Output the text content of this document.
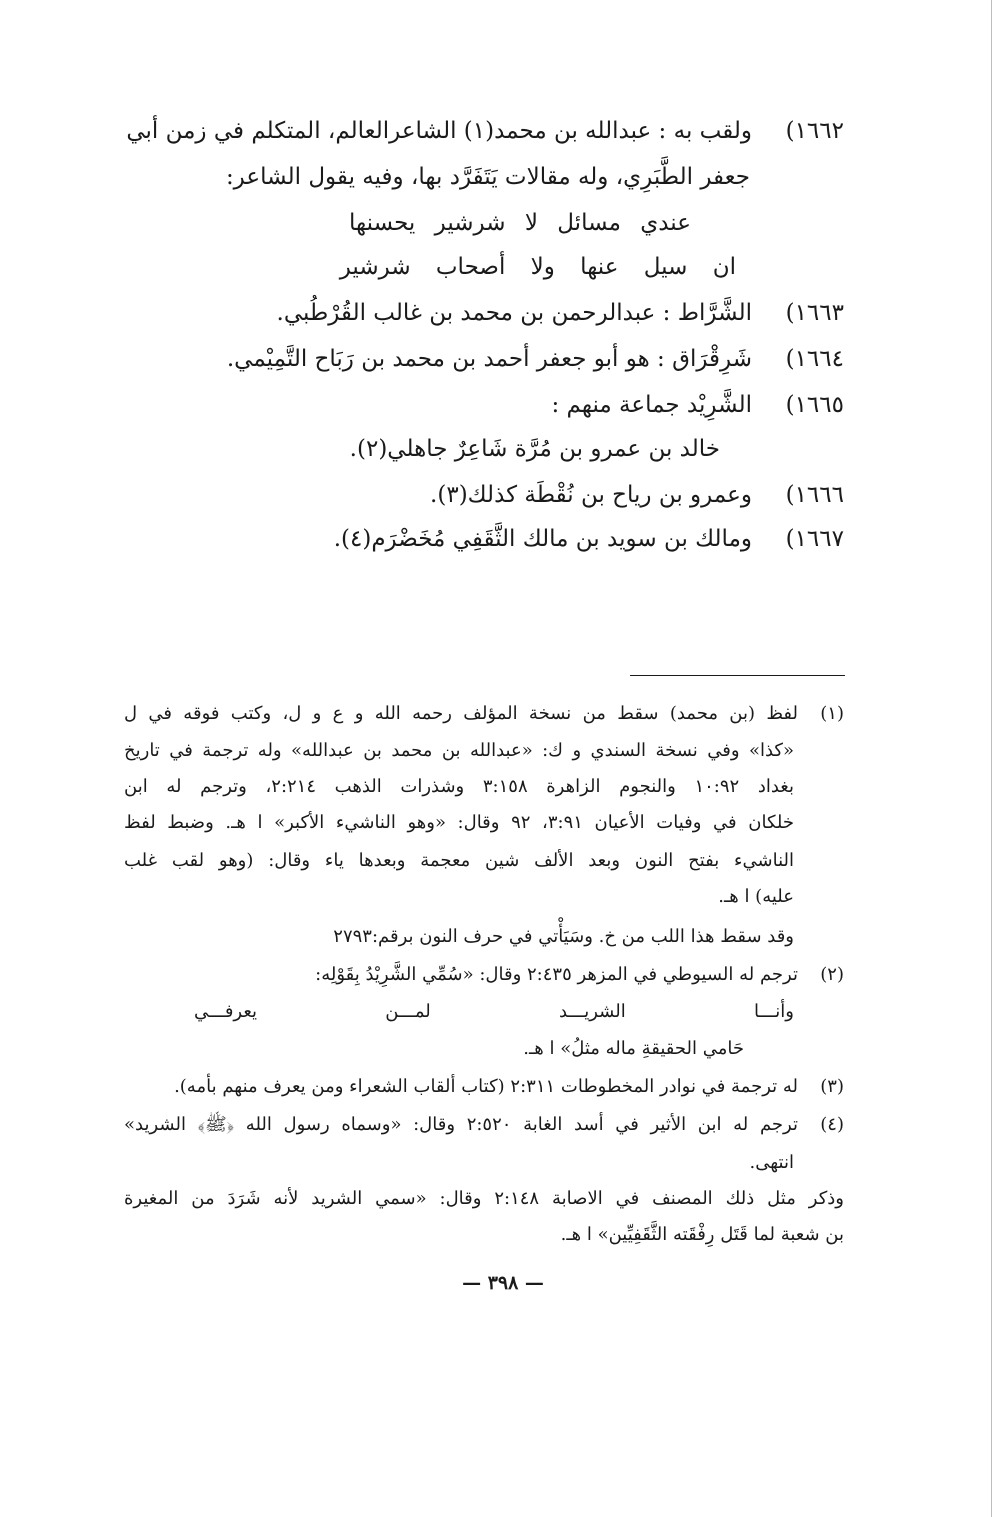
١٦٦٢)ولقب به : عبدالله بن محمد(١) الشاعرالعالم، المتكلم في زمن أبي
جعفر الطَّبَرِي، وله مقالات يَتَفَرَّد بها، وفيه يقول الشاعر:
عندي مسائل لا شرشير يحسنها
ان سيل عنها ولا أصحاب شرشير
١٦٦٣)الشَّرَّاط : عبدالرحمن بن محمد بن غالب القُرْطُبي.
١٦٦٤)شَرِقْرَاق : هو أبو جعفر أحمد بن محمد بن رَبَاح التَّمِيْمي.
١٦٦٥)الشَّرِيْد جماعة منهم :
خالد بن عمرو بن مُرَّة شَاعِرٌ جاهلي(٢).
١٦٦٦)وعمرو بن رياح بن نُقْطَة كذلك(٣).
١٦٦٧)ومالك بن سويد بن مالك الثَّقَفِي مُخَضْرَم(٤).
(١)لفظ (بن محمد) سقط من نسخة المؤلف رحمه الله و ع و ل، وكتب فوقه في ل
«كذا» وفي نسخة السندي و ك: «عبدالله بن محمد بن عبدالله» وله ترجمة في تاريخ
بغداد ١٠:٩٢ والنجوم الزاهرة ٣:١٥٨ وشذرات الذهب ٢:٢١٤، وترجم له ابن
خلكان في وفيات الأعيان ٣:٩١، ٩٢ وقال: «وهو الناشيء الأكبر» ا هـ. وضبط لفظ
الناشيء بفتح النون وبعد الألف شين معجمة وبعدها ياء وقال: (وهو لقب غلب
عليه) ا هـ.
وقد سقط هذا اللب من خ. وسَيَأْتي في حرف النون برقم:٢٧٩٣
(٢)ترجم له السيوطي في المزهر ٢:٤٣٥ وقال: «سُمِّي الشَّرِيْدُ بِقَوْلِه:
وأنـــا الشريـــد لمـــن يعرفـــي
حَامي الحقيقةِ ماله مثلُ» ا هـ.
(٣)له ترجمة في نوادر المخطوطات ٢:٣١١ (كتاب ألقاب الشعراء ومن يعرف منهم بأمه).
(٤)ترجم له ابن الأثير في أسد الغابة ٢:٥٢٠ وقال: «وسماه رسول الله ﴿ﷺ﴾ الشريد»
انتهى.
وذكر مثل ذلك المصنف في الاصابة ٢:١٤٨ وقال: «سمي الشريد لأنه شَرَدَ من المغيرة
بن شعبة لما قَتَل رِفْقَته الثَّقَفِيِّين» ا هـ.
— ٣٩٨ —
